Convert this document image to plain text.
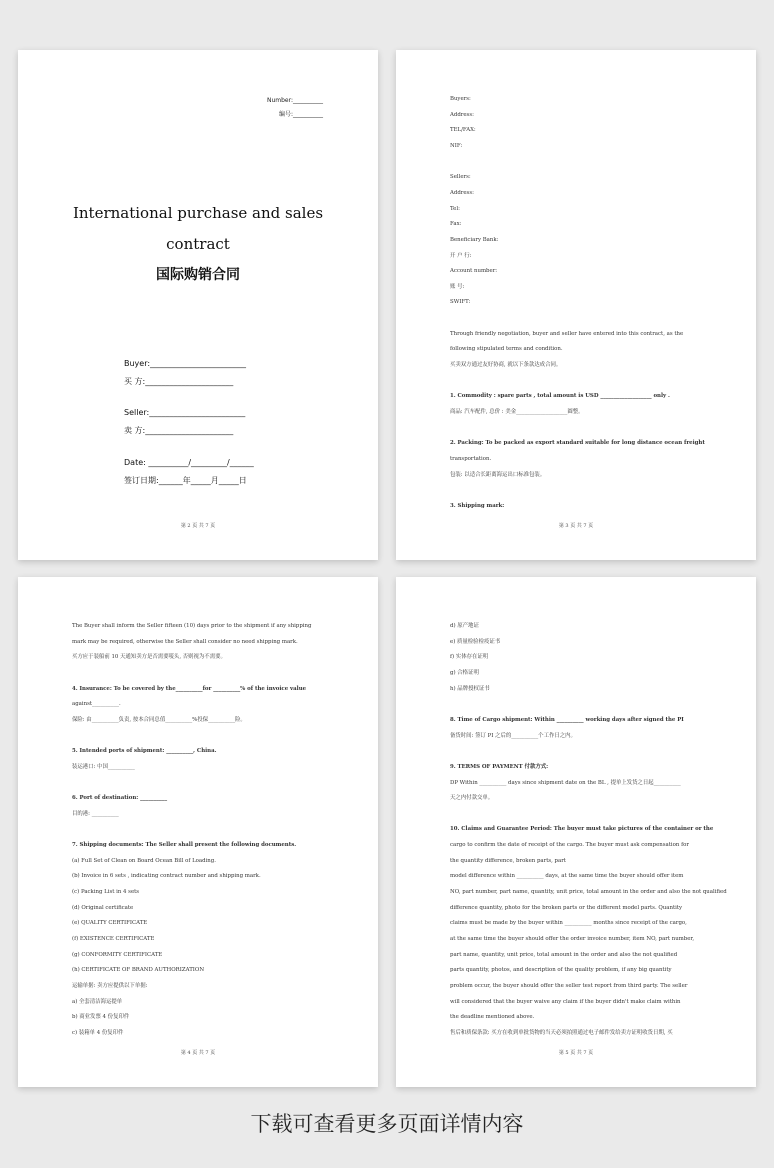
Number:__________
编号:__________
International purchase and sales
contract
国际购销合同
Buyer:________________________
买 方:______________________
Seller:________________________
卖 方:______________________
Date: __________/_________/______
签订日期:______年_____月_____日
第 2 页 共 7 页
Buyers:
Address:
TEL/FAX:
NIF:
Sellers:
Address:
Tel:
Fax:
Beneficiary Bank:
开 户 行:
Account number:
账 号:
SWIFT:
Through friendly negotiation, buyer and seller have entered into this contract, as the
following stipulated terms and condition.
买卖双方通过友好协商, 就以下条款达成合同。
1. Commodity : spare parts , total amount is USD ___________________ only .
商品: 汽车配件, 总价 : 美金___________________圆整。
2. Packing: To be packed as export standard suitable for long distance ocean freight
transportation.
包装: 以适合长距离海运出口标准包装。
3. Shipping mark:
第 3 页 共 7 页
The Buyer shall inform the Seller fifteen (10) days prior to the shipment if any shipping
mark may be required, otherwise the Seller shall consider no need shipping mark.
买方应于装船前 10 天通知卖方是否需要唛头, 否则视为不需要。
4. Insurance: To be covered by the__________for __________% of the invoice value
against__________.
保险: 由__________负责, 按本合同总值__________%投保__________险。
5. Intended ports of shipment: __________, China.
装运港口: 中国__________
6. Port of destination: __________
目的港: __________
7. Shipping documents: The Seller shall present the following documents.
(a) Full Set of Clean on Board Ocean Bill of Loading.
(b) Invoice in 6 sets , indicating contract number and shipping mark.
(c) Packing List in 4 sets
(d) Original certificate
(e) QUALITY CERTIFICATE
(f) EXISTENCE CERTIFICATE
(g) CONFORMITY CERTIFICATE
(h) CERTIFICATE OF BRAND AUTHORIZATION
运输单据: 卖方应提供以下单据:
a) 全套清洁海运提单
b) 商业发票 4 份复印件
c) 装箱单 4 份复印件
第 4 页 共 7 页
d) 原产地证
e) 质量检验检疫证书
f) 实体存在证明
g) 合格证明
h) 品牌授权证书
8. Time of Cargo shipment: Within __________ working days after signed the PI
备货时间: 签订 PI 之后的__________个工作日之内。
9. TERMS OF PAYMENT 付款方式:
DP Within __________ days since shipment date on the BL , 提单上发货之日起__________
天之内付款交单。
10. Claims and Guarantee Period: The buyer must take pictures of the container or the
cargo to confirm the date of receipt of the cargo. The buyer must ask compensation for
the quantity difference, broken parts, part
model difference within __________ days, at the same time the buyer should offer item
NO, part number, part name, quantity, unit price, total amount in the order and also the not qualified
difference quantity, photo for the broken parts or the different model parts. Quantity
claims must be made by the buyer within __________ months since receipt of the cargo,
at the same time the buyer should offer the order invoice number, item NO, part number,
part name, quantity, unit price, total amount in the order and also the not qualified
parts quantity, photos, and description of the quality problem, if any big quantity
problem occur, the buyer should offer the seller test report from third party. The seller
will considered that the buyer waive any claim if the buyer didn't make claim within
the deadline mentioned above.
售后和质保条款: 买方在收到单批货物的当天必须拍照通过电子邮件发给卖方证明收货日期, 买
第 5 页 共 7 页
下载可查看更多页面详情内容
